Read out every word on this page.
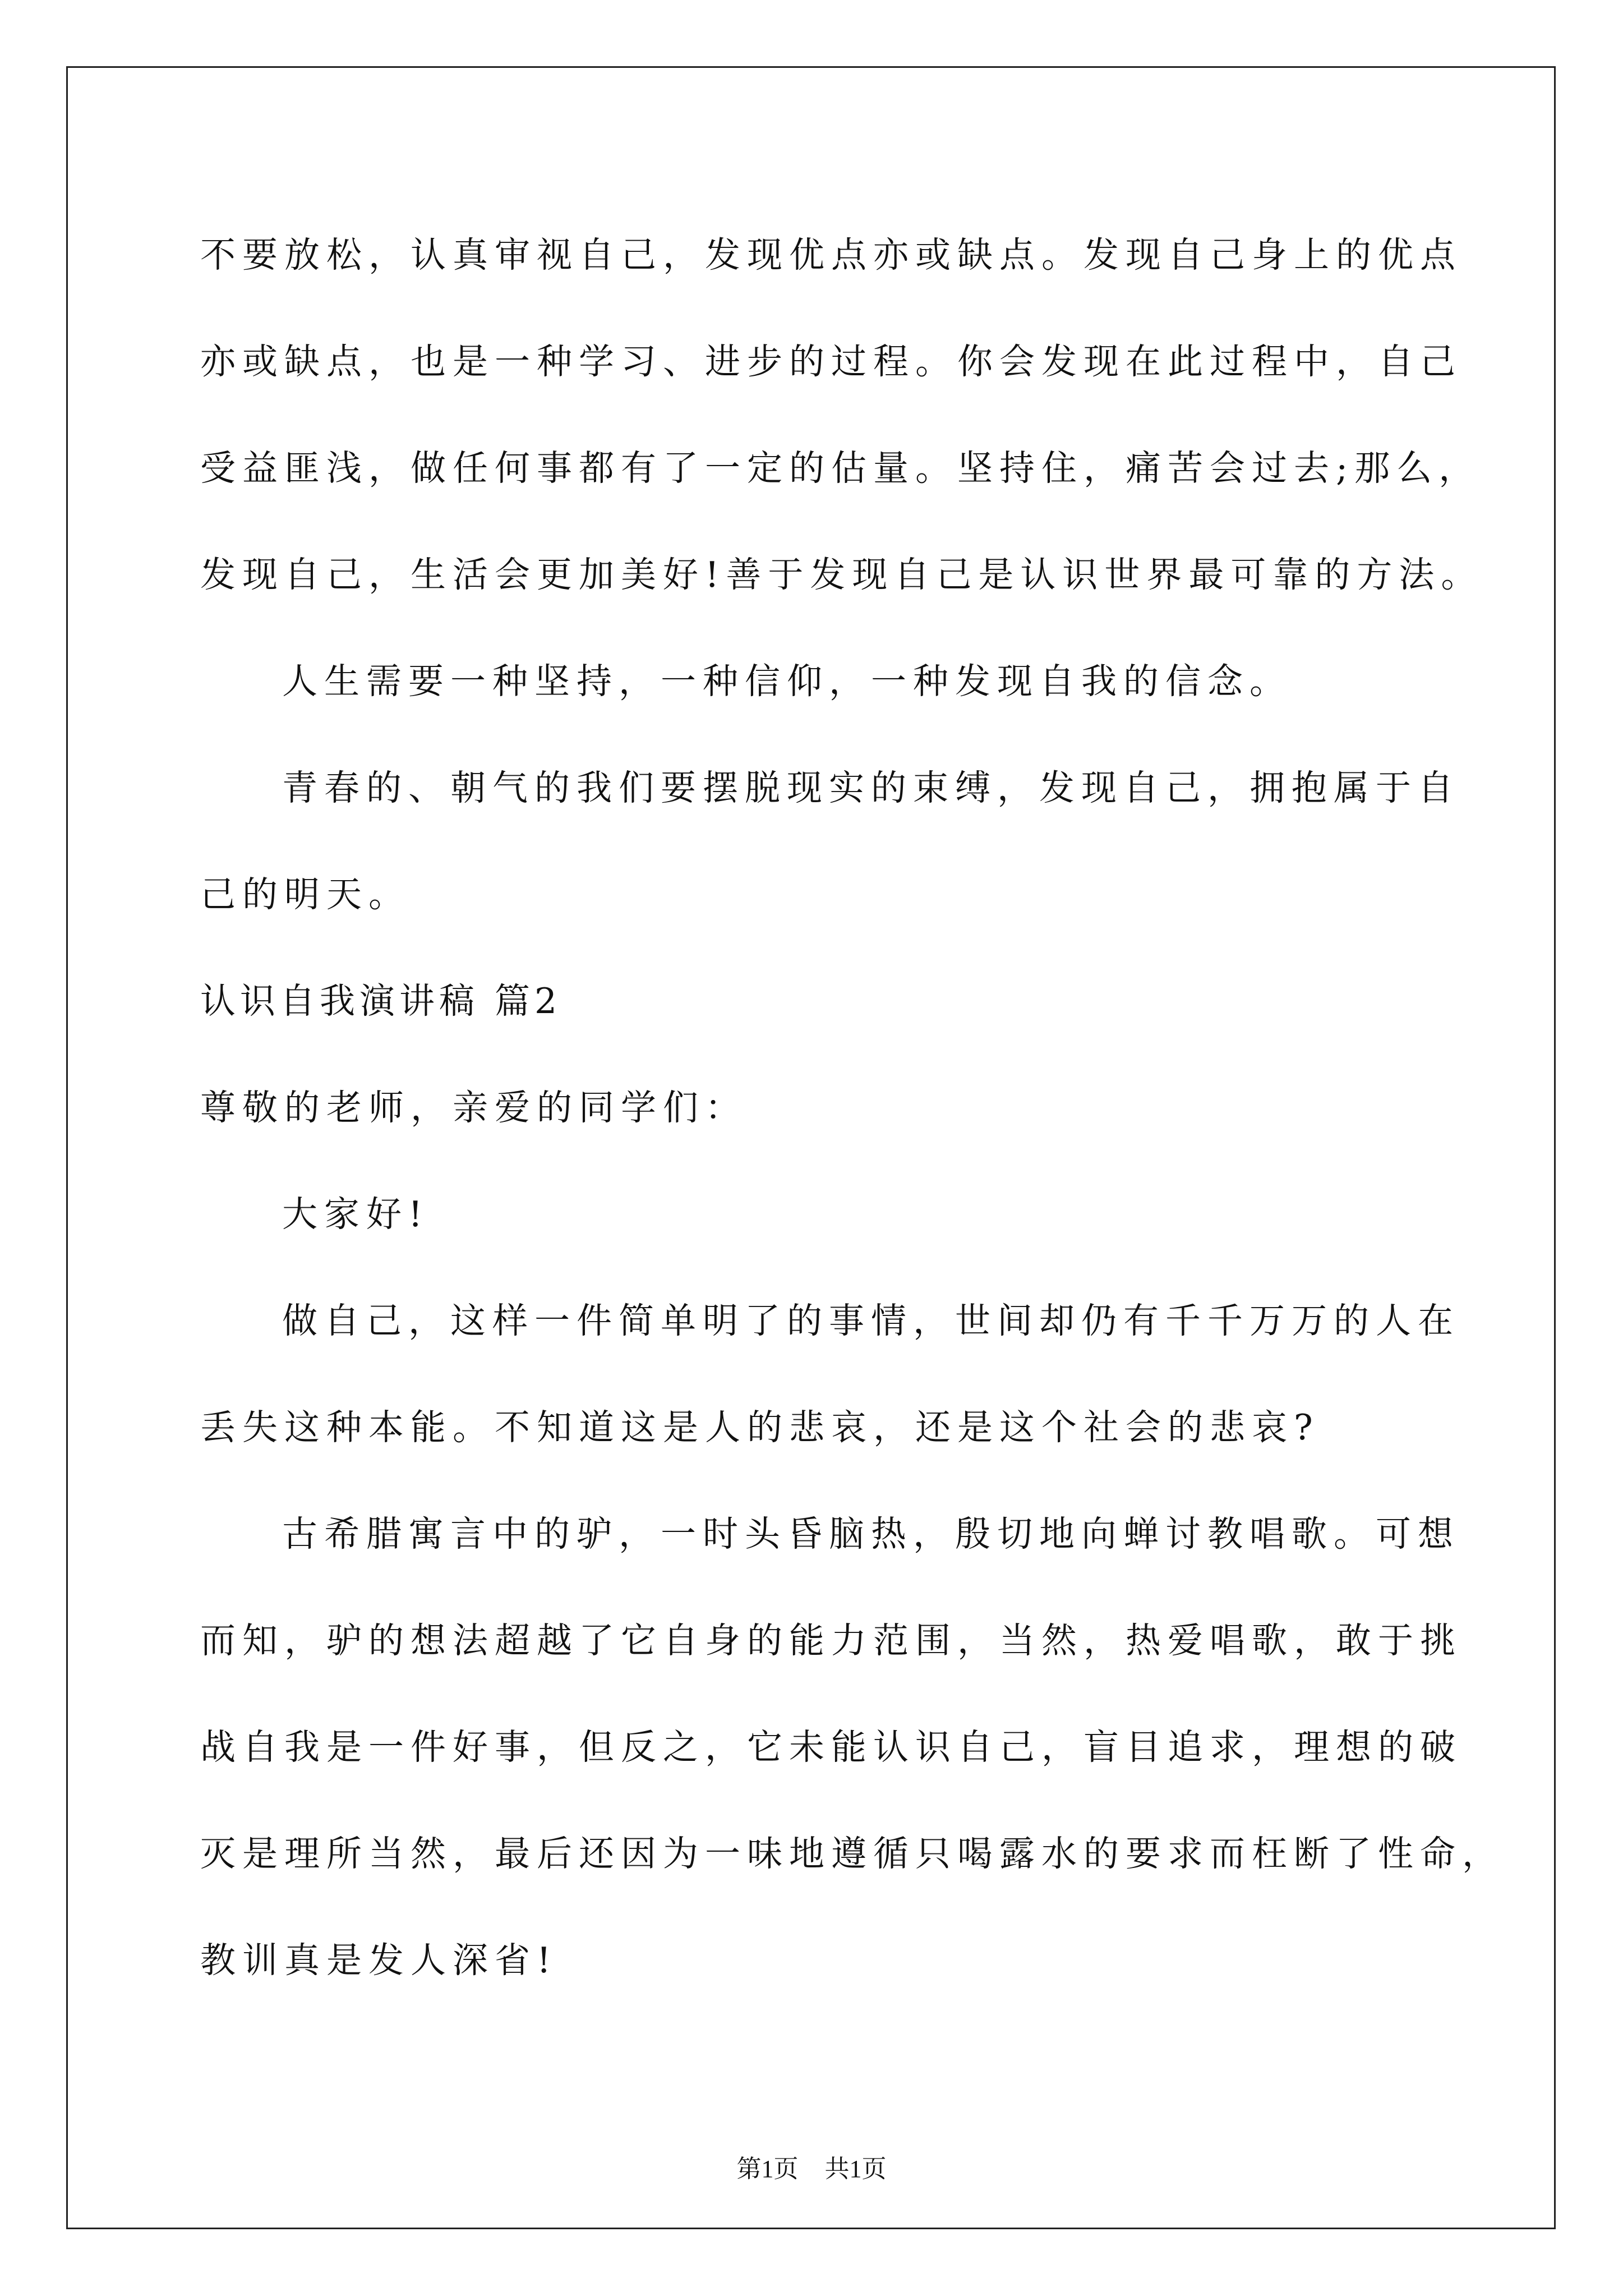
不要放松，认真审视自己，发现优点亦或缺点。发现自己身上的优点
亦或缺点，也是一种学习、进步的过程。你会发现在此过程中，自己
受益匪浅，做任何事都有了一定的估量。坚持住，痛苦会过去;那么，
发现自己，生活会更加美好!善于发现自己是认识世界最可靠的方法。
人生需要一种坚持，一种信仰，一种发现自我的信念。
青春的、朝气的我们要摆脱现实的束缚，发现自己，拥抱属于自
己的明天。
认识自我演讲稿 篇2
尊敬的老师，亲爱的同学们：
大家好!
做自己，这样一件简单明了的事情，世间却仍有千千万万的人在
丢失这种本能。不知道这是人的悲哀，还是这个社会的悲哀?
古希腊寓言中的驴，一时头昏脑热，殷切地向蝉讨教唱歌。可想
而知，驴的想法超越了它自身的能力范围，当然，热爱唱歌，敢于挑
战自我是一件好事，但反之，它未能认识自己，盲目追求，理想的破
灭是理所当然，最后还因为一味地遵循只喝露水的要求而枉断了性命，
教训真是发人深省!
第1页 共1页
